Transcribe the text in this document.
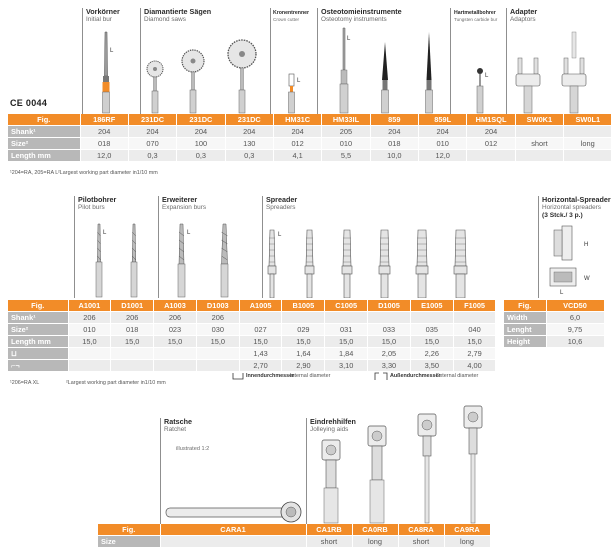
CE 0044
Vorkörner
Initial bur
Diamantierte Sägen
Diamond saws
Kronentrenner
Crown cutter
Osteotomieinstrumente
Osteotomy instruments
Hartmetallbohrer
Tungsten carbide bur
Adapter
Adaptors
L
L
L
L
Fig.	186RF	231DC	231DC	231DC	HM31C	HM33IL	859	859L	HM1SQL	SW0K1	SW0L1
Shank¹	204	204	204	204	204	205	204	204	204		
Size²	018	070	100	130	012	010	018	010	012	short	long
Length mm	12,0	0,3	0,3	0,3	4,1	5,5	10,0	12,0			
¹204=RA, 205=RA L ²Largest working part diameter in1/10 mm
Pilotbohrer
Pilot burs
Erweiterer
Expansion burs
Spreader
Spreaders
Horizontal-Spreader
Horizontal spreaders
(3 Stck./ 3 p.)
L	L	L
H
W
L
Fig.	A1001	D1001	A1003	D1003	A1005	B1005	C1005	D1005	E1005	F1005
Shank¹	206	206	206	206						
Size²	010	018	023	030	027	029	031	033	035	040
Length mm	15,0	15,0	15,0	15,0	15,0	15,0	15,0	15,0	15,0	15,0
⊔					1,43	1,64	1,84	2,05	2,26	2,79
⌐¬					2,70	2,90	3,10	3,30	3,50	4,00
Fig.	VCD50
Width	6,0
Lenght	9,75
Height	10,6
¹206=RA XL	²Largest working part diameter in1/10 mm
Innendurchmesser
Internal diameter	Außendurchmesser
External diameter
Ratsche
Ratchet
illustrated 1:2
Eindrehhilfen
Jolleying aids
Fig.	CARA1	CA1RB	CA0RB	CA8RA	CA9RA
Size		short	long	short	long
